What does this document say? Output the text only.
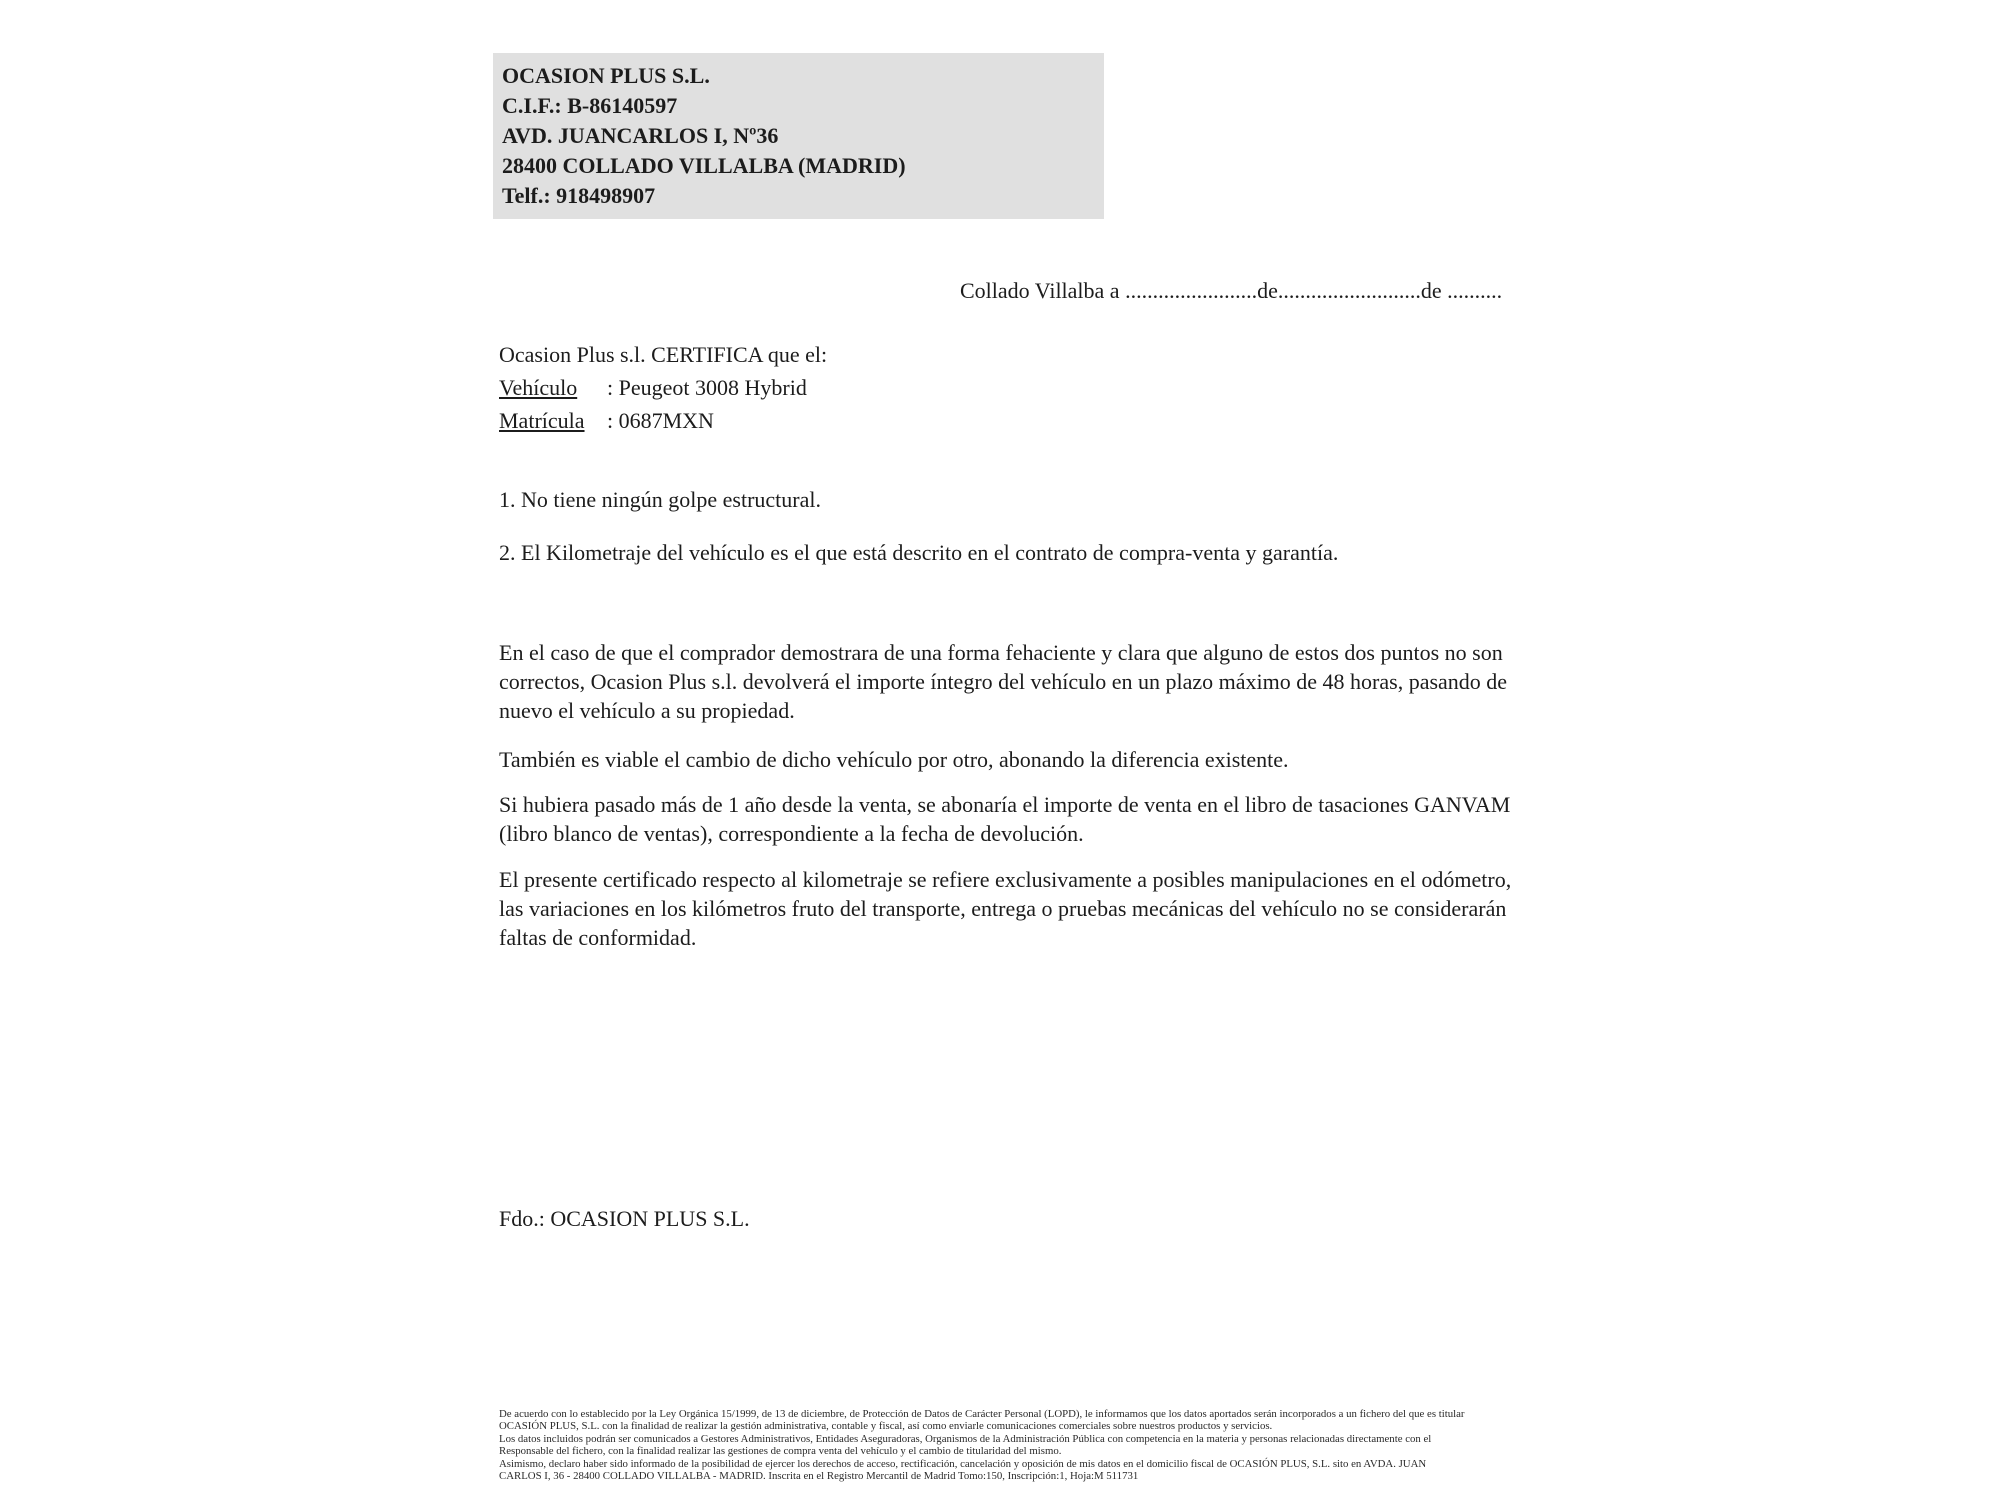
OCASION PLUS S.L.
C.I.F.: B-86140597
AVD. JUANCARLOS I, Nº36
28400 COLLADO VILLALBA (MADRID)
Telf.: 918498907
Collado Villalba a ........................de..........................de ..........
Ocasion Plus s.l. CERTIFICA que el:
Vehículo : Peugeot 3008 Hybrid
Matrícula : 0687MXN
1. No tiene ningún golpe estructural.
2. El Kilometraje del vehículo es el que está descrito en el contrato de compra-venta y garantía.
En el caso de que el comprador demostrara de una forma fehaciente y clara que alguno de estos dos puntos no son correctos, Ocasion Plus s.l. devolverá el importe íntegro del vehículo en un plazo máximo de 48 horas, pasando de nuevo el vehículo a su propiedad.
También es viable el cambio de dicho vehículo por otro, abonando la diferencia existente.
Si hubiera pasado más de 1 año desde la venta, se abonaría el importe de venta en el libro de tasaciones GANVAM (libro blanco de ventas), correspondiente a la fecha de devolución.
El presente certificado respecto al kilometraje se refiere exclusivamente a posibles manipulaciones en el odómetro, las variaciones en los kilómetros fruto del transporte, entrega o pruebas mecánicas del vehículo no se considerarán faltas de conformidad.
Fdo.: OCASION PLUS S.L.
De acuerdo con lo establecido por la Ley Orgánica 15/1999, de 13 de diciembre, de Protección de Datos de Carácter Personal (LOPD), le informamos que los datos aportados serán incorporados a un fichero del que es titular
OCASIÓN PLUS, S.L. con la finalidad de realizar la gestión administrativa, contable y fiscal, así como enviarle comunicaciones comerciales sobre nuestros productos y servicios.
Los datos incluidos podrán ser comunicados a Gestores Administrativos, Entidades Aseguradoras, Organismos de la Administración Pública con competencia en la materia y personas relacionadas directamente con el
Responsable del fichero, con la finalidad realizar las gestiones de compra venta del vehículo y el cambio de titularidad del mismo.
Asimismo, declaro haber sido informado de la posibilidad de ejercer los derechos de acceso, rectificación, cancelación y oposición de mis datos en el domicilio fiscal de OCASIÓN PLUS, S.L. sito en AVDA. JUAN
CARLOS I, 36 - 28400 COLLADO VILLALBA - MADRID. Inscrita en el Registro Mercantil de Madrid Tomo:150, Inscripción:1, Hoja:M 511731
